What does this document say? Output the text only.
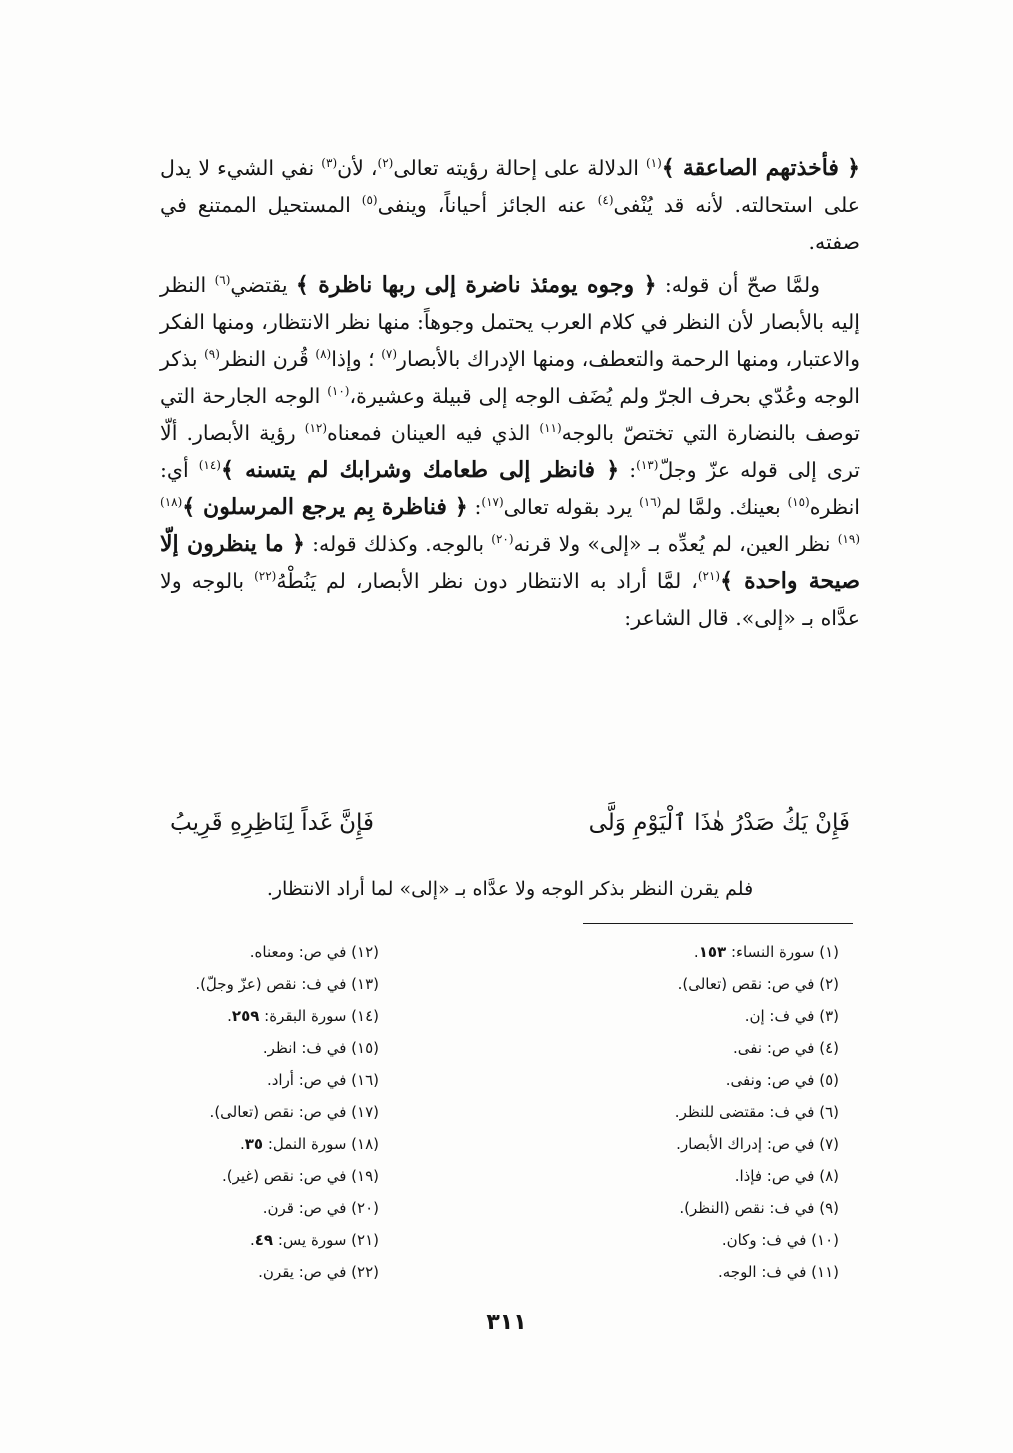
﴿ فأخذتهم الصاعقة ﴾$^{(١)}$ الدلالة على إحالة رؤيته تعالى$^{(٢)}$، لأن$^{(٣)}$ نفي الشيء لا يدل على استحالته. لأنه قد يُنْفى$^{(٤)}$ عنه الجائز أحياناً، وينفى$^{(٥)}$ المستحيل الممتنع في صفته.

ولمَّا صحّ أن قوله: ﴿ وجوه يومئذ ناضرة إلى ربها ناظرة ﴾ يقتضي$^{(٦)}$ النظر إليه بالأبصار لأن النظر في كلام العرب يحتمل وجوهاً: منها نظر الانتظار، ومنها الفكر والاعتبار، ومنها الرحمة والتعطف، ومنها الإدراك بالأبصار$^{(٧)}$ ؛ وإذا$^{(٨)}$ قُرن النظر$^{(٩)}$ بذكر الوجه وعُدّي بحرف الجرّ ولم يُضَف الوجه إلى قبيلة وعشيرة،$^{(١٠)}$ الوجه الجارحة التي توصف بالنضارة التي تختصّ بالوجه$^{(١١)}$ الذي فيه العينان فمعناه$^{(١٢)}$ رؤية الأبصار. ألّا ترى إلى قوله عزّ وجلّ$^{(١٣)}$: ﴿ فانظر إلى طعامك وشرابك لم يتسنه ﴾$^{(١٤)}$ أي: انظره$^{(١٥)}$ بعينك. ولمَّا لم$^{(١٦)}$ يرد بقوله تعالى$^{(١٧)}$: ﴿ فناظرة بِم يرجع المرسلون ﴾$^{(١٨)(١٩)}$ نظر العين، لم يُعدِّه بـ «إلى» ولا قرنه$^{(٢٠)}$ بالوجه. وكذلك قوله: ﴿ ما ينظرون إلّا صيحة واحدة ﴾$^{(٢١)}$، لمَّا أراد به الانتظار دون نظر الأبصار، لم يَنُطْهُ$^{(٢٢)}$ بالوجه ولا عدَّاه بـ «إلى». قال الشاعر:

فَإِنْ يَكُ صَدْرُ هٰذَا ٱلْيَوْمِ وَلَّى
فَإِنَّ غَداً لِنَاظِرِهِ قَرِيبُ
فلم يقرن النظر بذكر الوجه ولا عدَّاه بـ «إلى» لما أراد الانتظار.
(١) سورة النساء: ١٥٣.
(٢) في ص: نقص (تعالى).
(٣) في ف: إن.
(٤) في ص: نفى.
(٥) في ص: ونفى.
(٦) في ف: مقتضى للنظر.
(٧) في ص: إدراك الأبصار.
(٨) في ص: فإذا.
(٩) في ف: نقص (النظر).
(١٠) في ف: وكان.
(١١) في ف: الوجه.
(١٢) في ص: ومعناه.
(١٣) في ف: نقص (عزّ وجلّ).
(١٤) سورة البقرة: ٢٥٩.
(١٥) في ف: انظر.
(١٦) في ص: أراد.
(١٧) في ص: نقص (تعالى).
(١٨) سورة النمل: ٣٥.
(١٩) في ص: نقص (غير).
(٢٠) في ص: قرن.
(٢١) سورة يس: ٤٩.
(٢٢) في ص: يقرن.
٣١١
